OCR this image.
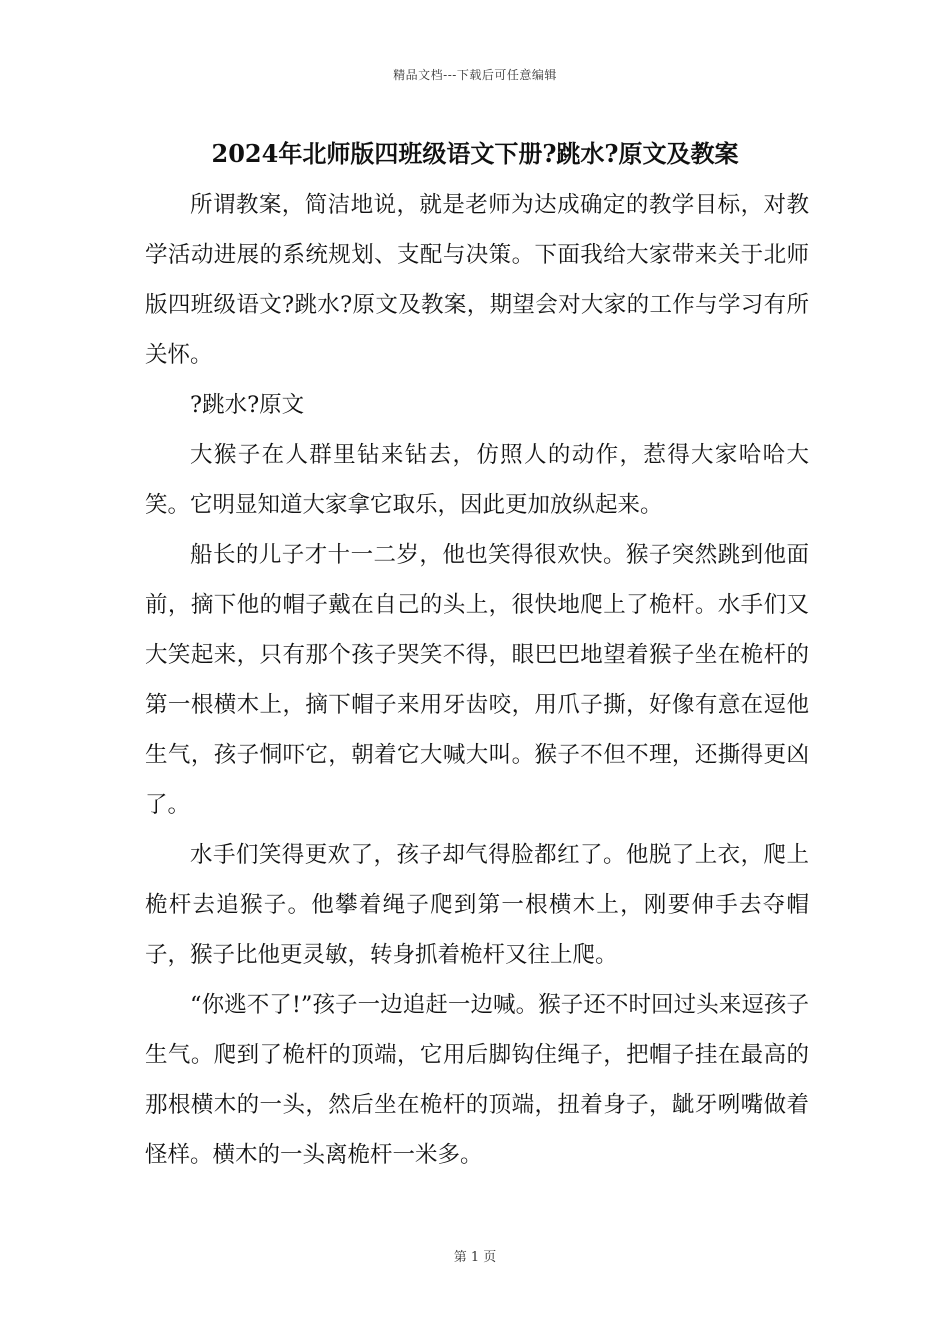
精品文档---下载后可任意编辑
2024年北师版四班级语文下册?跳水?原文及教案

所谓教案，简洁地说，就是老师为达成确定的教学目标，对教学活动进展的系统规划、支配与决策。下面我给大家带来关于北师版四班级语文?跳水?原文及教案，期望会对大家的工作与学习有所关怀。

?跳水?原文

大猴子在人群里钻来钻去，仿照人的动作，惹得大家哈哈大笑。它明显知道大家拿它取乐，因此更加放纵起来。

船长的儿子才十一二岁，他也笑得很欢快。猴子突然跳到他面前，摘下他的帽子戴在自己的头上，很快地爬上了桅杆。水手们又大笑起来，只有那个孩子哭笑不得，眼巴巴地望着猴子坐在桅杆的第一根横木上，摘下帽子来用牙齿咬，用爪子撕，好像有意在逗他生气，孩子恫吓它，朝着它大喊大叫。猴子不但不理，还撕得更凶了。

水手们笑得更欢了，孩子却气得脸都红了。他脱了上衣，爬上桅杆去追猴子。他攀着绳子爬到第一根横木上，刚要伸手去夺帽子，猴子比他更灵敏，转身抓着桅杆又往上爬。

“你逃不了!”孩子一边追赶一边喊。猴子还不时回过头来逗孩子生气。爬到了桅杆的顶端，它用后脚钩住绳子，把帽子挂在最高的那根横木的一头，然后坐在桅杆的顶端，扭着身子，龇牙咧嘴做着怪样。横木的一头离桅杆一米多。

第 1 页
